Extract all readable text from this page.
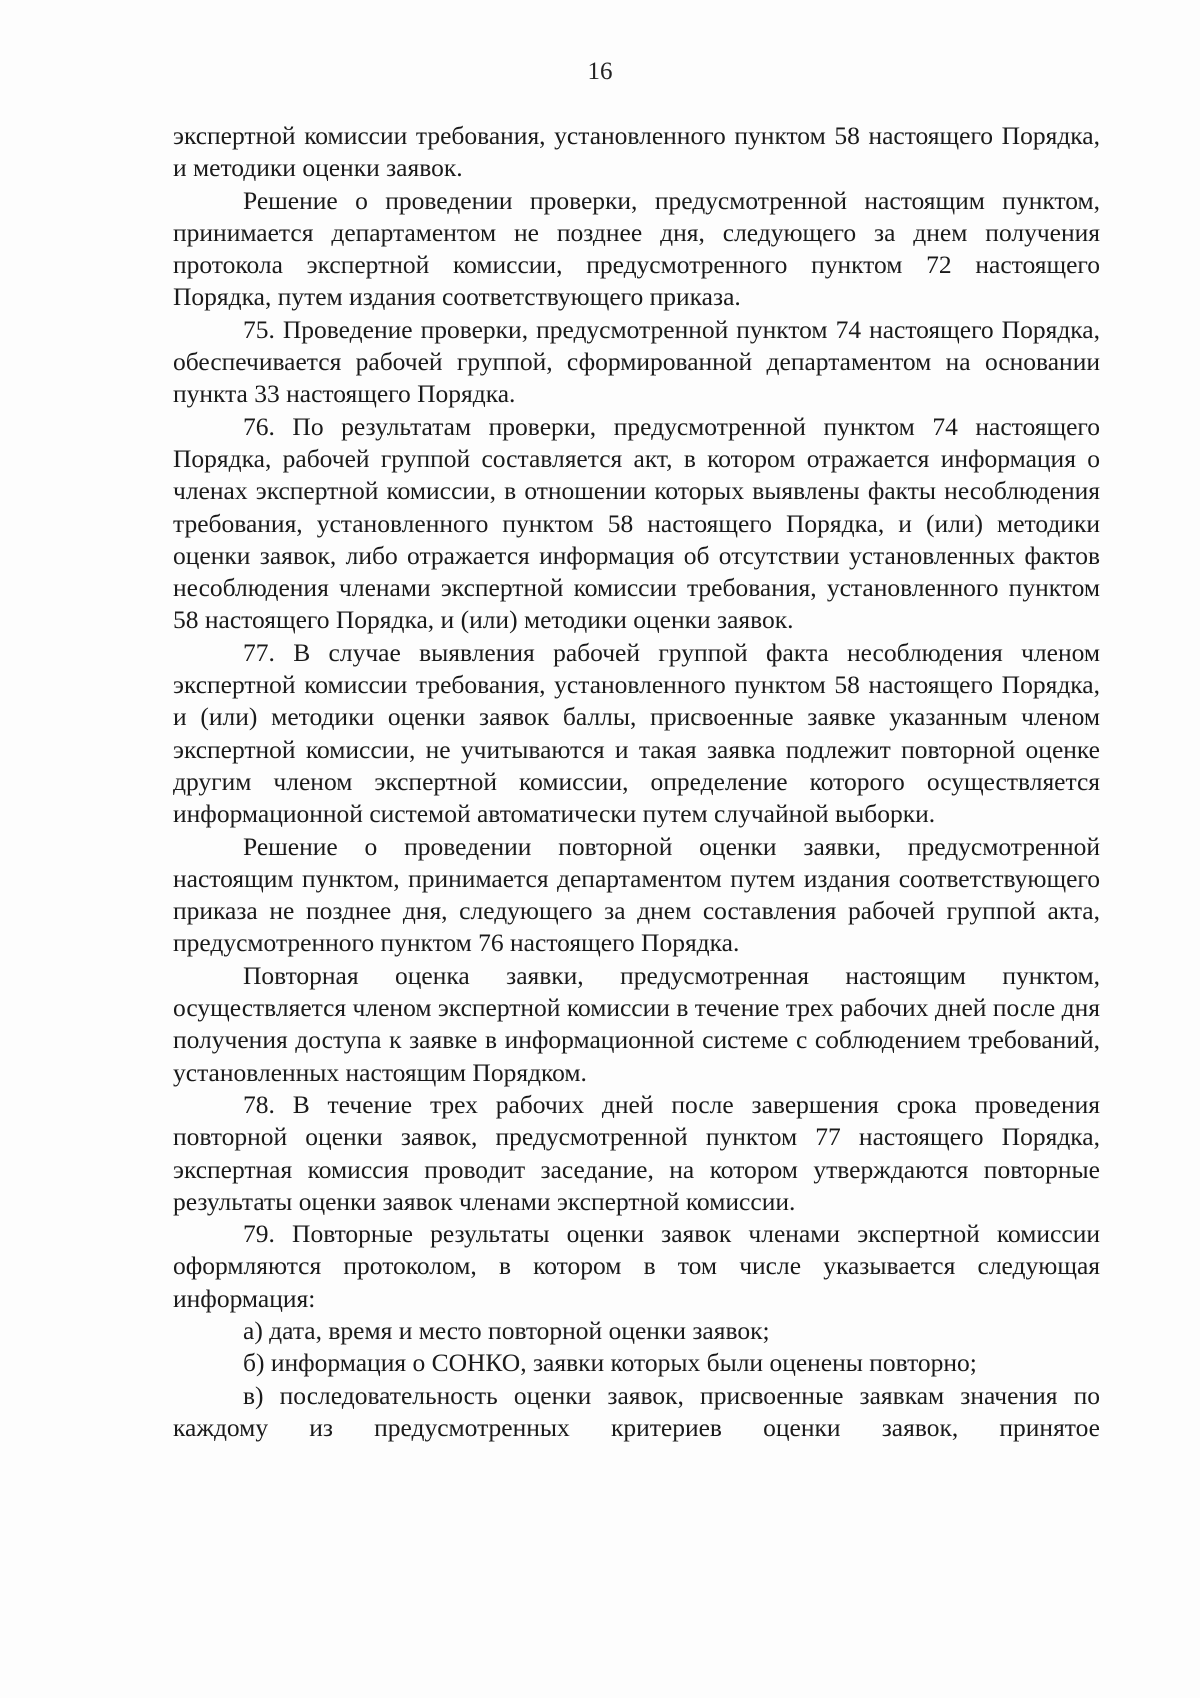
16

экспертной комиссии требования, установленного пунктом 58 настоящего Порядка, и методики оценки заявок.

Решение о проведении проверки, предусмотренной настоящим пунктом, принимается департаментом не позднее дня, следующего за днем получения протокола экспертной комиссии, предусмотренного пунктом 72 настоящего Порядка, путем издания соответствующего приказа.

75. Проведение проверки, предусмотренной пунктом 74 настоящего Порядка, обеспечивается рабочей группой, сформированной департаментом на основании пункта 33 настоящего Порядка.

76. По результатам проверки, предусмотренной пунктом 74 настоящего Порядка, рабочей группой составляется акт, в котором отражается информация о членах экспертной комиссии, в отношении которых выявлены факты несоблюдения требования, установленного пунктом 58 настоящего Порядка, и (или) методики оценки заявок, либо отражается информация об отсутствии установленных фактов несоблюдения членами экспертной комиссии требования, установленного пунктом 58 настоящего Порядка, и (или) методики оценки заявок.

77. В случае выявления рабочей группой факта несоблюдения членом экспертной комиссии требования, установленного пунктом 58 настоящего Порядка, и (или) методики оценки заявок баллы, присвоенные заявке указанным членом экспертной комиссии, не учитываются и такая заявка подлежит повторной оценке другим членом экспертной комиссии, определение которого осуществляется информационной системой автоматически путем случайной выборки.

Решение о проведении повторной оценки заявки, предусмотренной настоящим пунктом, принимается департаментом путем издания соответствующего приказа не позднее дня, следующего за днем составления рабочей группой акта, предусмотренного пунктом 76 настоящего Порядка.

Повторная оценка заявки, предусмотренная настоящим пунктом, осуществляется членом экспертной комиссии в течение трех рабочих дней после дня получения доступа к заявке в информационной системе с соблюдением требований, установленных настоящим Порядком.

78. В течение трех рабочих дней после завершения срока проведения повторной оценки заявок, предусмотренной пунктом 77 настоящего Порядка, экспертная комиссия проводит заседание, на котором утверждаются повторные результаты оценки заявок членами экспертной комиссии.

79. Повторные результаты оценки заявок членами экспертной комиссии оформляются протоколом, в котором в том числе указывается следующая информация:

а) дата, время и место повторной оценки заявок;

б) информация о СОНКО, заявки которых были оценены повторно;

в) последовательность оценки заявок, присвоенные заявкам значения по каждому из предусмотренных критериев оценки заявок, принятое
